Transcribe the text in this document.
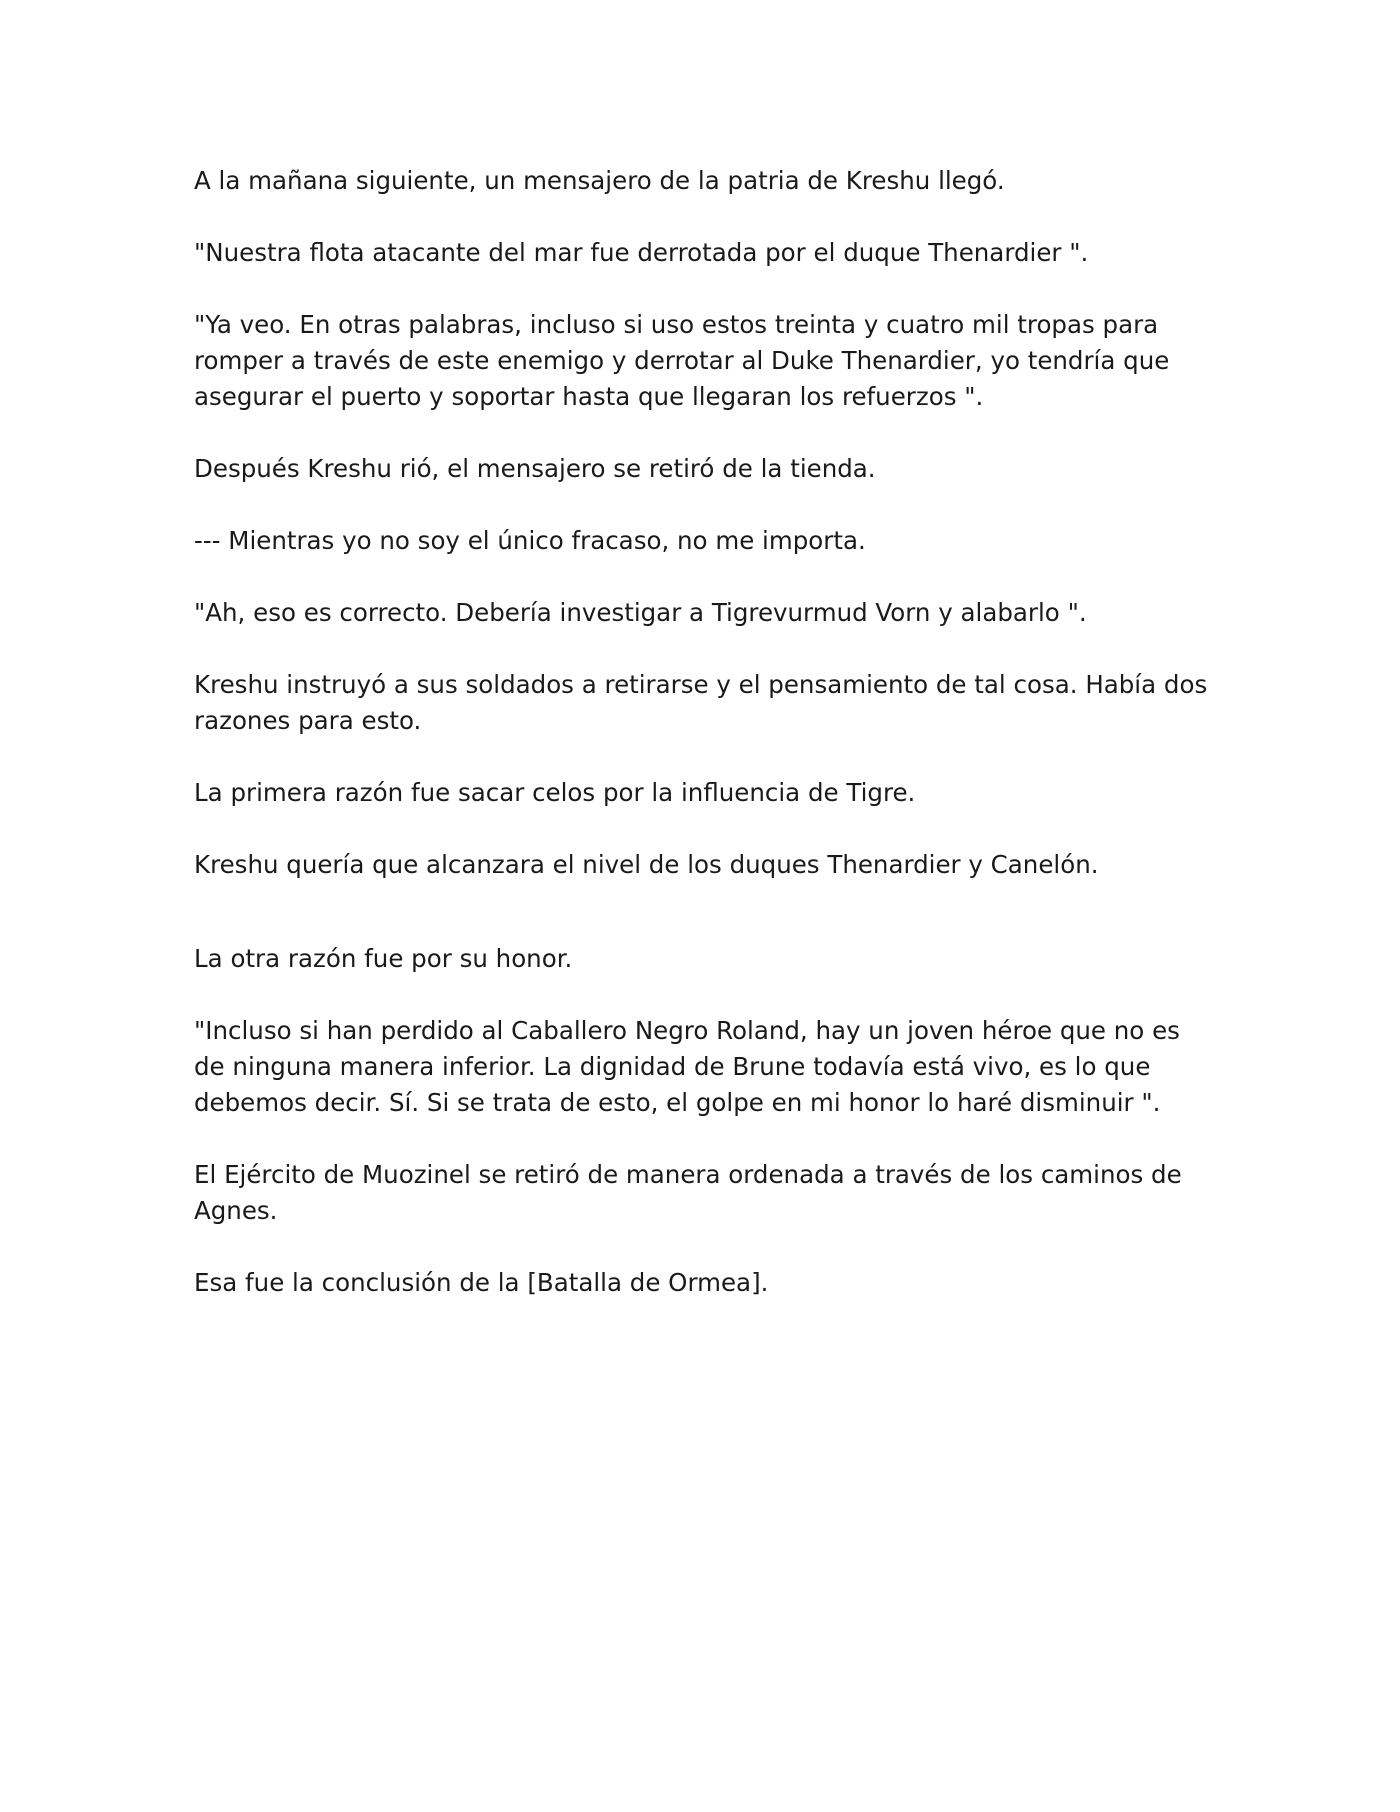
A la mañana siguiente, un mensajero de la patria de Kreshu llegó.

"Nuestra flota atacante del mar fue derrotada por el duque Thenardier ".

"Ya veo. En otras palabras, incluso si uso estos treinta y cuatro mil tropas para romper a través de este enemigo y derrotar al Duke Thenardier, yo tendría que asegurar el puerto y soportar hasta que llegaran los refuerzos ".

Después Kreshu rió, el mensajero se retiró de la tienda.

--- Mientras yo no soy el único fracaso, no me importa.

"Ah, eso es correcto. Debería investigar a Tigrevurmud Vorn y alabarlo ".

Kreshu instruyó a sus soldados a retirarse y el pensamiento de tal cosa. Había dos razones para esto.

La primera razón fue sacar celos por la influencia de Tigre.

Kreshu quería que alcanzara el nivel de los duques Thenardier y Canelón.

La otra razón fue por su honor.

"Incluso si han perdido al Caballero Negro Roland, hay un joven héroe que no es de ninguna manera inferior. La dignidad de Brune todavía está vivo, es lo que debemos decir. Sí. Si se trata de esto, el golpe en mi honor lo haré disminuir ".

El Ejército de Muozinel se retiró de manera ordenada a través de los caminos de Agnes.

Esa fue la conclusión de la [Batalla de Ormea].
